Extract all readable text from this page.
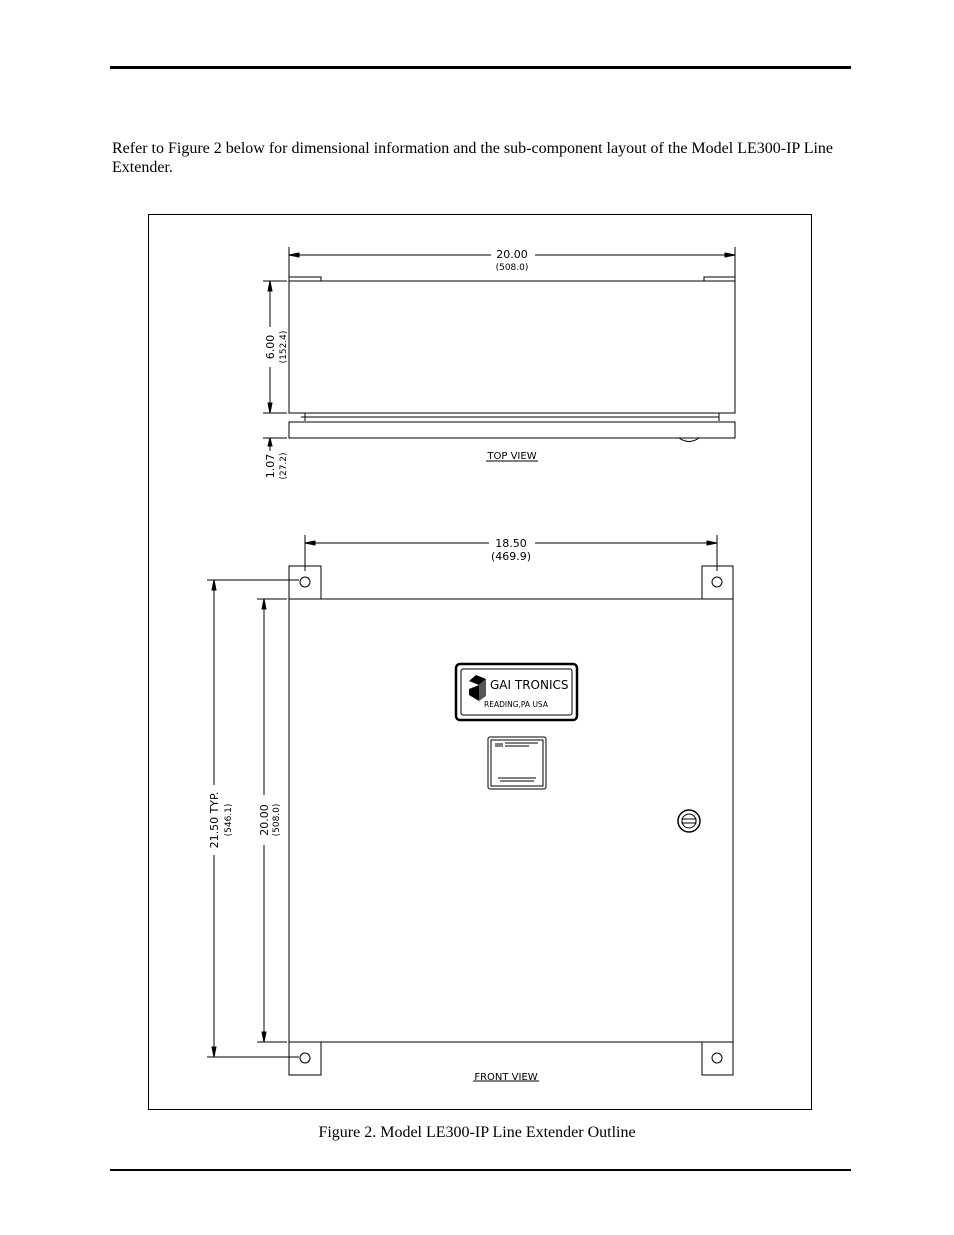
Refer to Figure 2 below for dimensional information and the sub-component layout of the Model LE300-IP Line Extender.

20.00
(508.0)
6.00 (152.4)
1.07 (27.2)	TOP VIEW
18.50
(469.9)
21.50 TYP. (546.1) 20.00 (508.0)
FRONT VIEW
GAI TRONICS
READING,PA USA
Figure 2. Model LE300-IP Line Extender Outline
